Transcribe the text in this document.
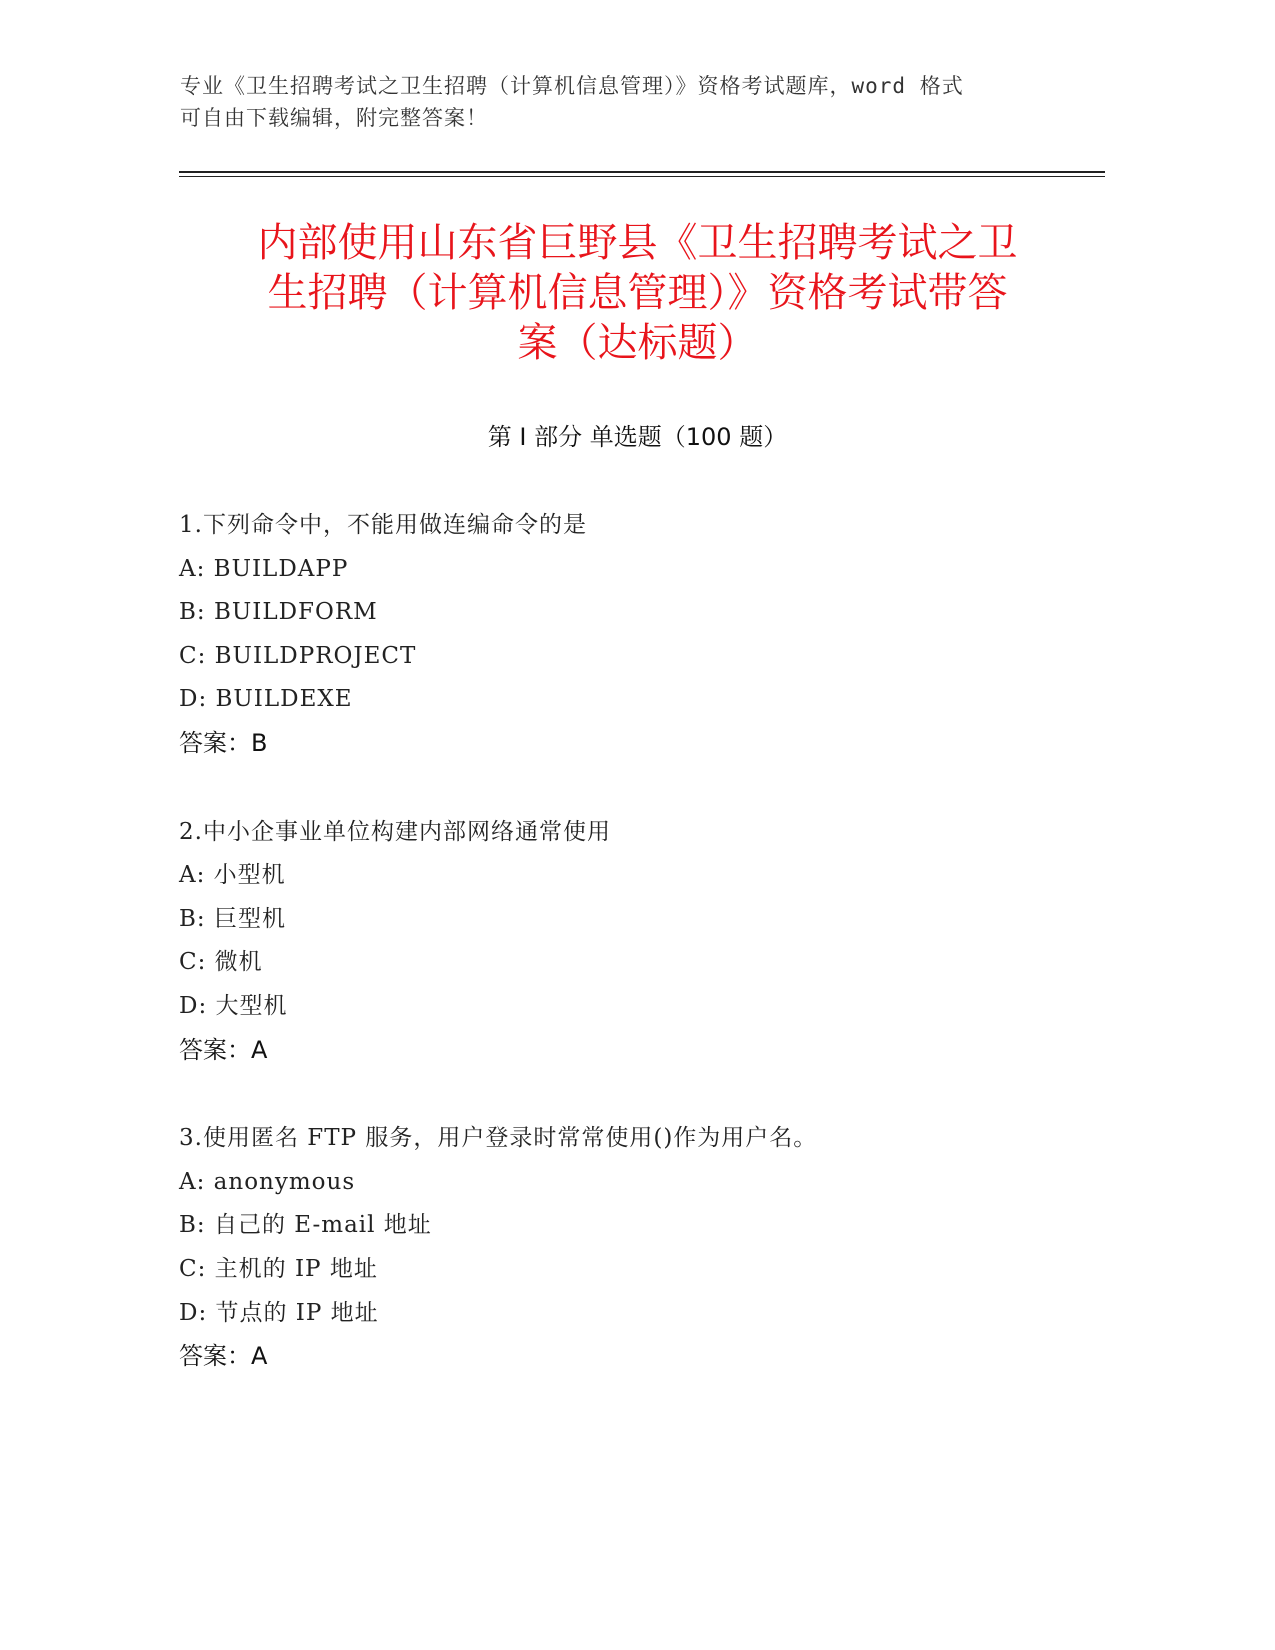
专业《卫生招聘考试之卫生招聘（计算机信息管理）》资格考试题库，word 格式
可自由下载编辑，附完整答案！
内部使用山东省巨野县《卫生招聘考试之卫
生招聘（计算机信息管理）》资格考试带答
案（达标题）
第 I 部分 单选题（100 题）
1.下列命令中，不能用做连编命令的是
A: BUILDAPP
B: BUILDFORM
C: BUILDPROJECT
D: BUILDEXE
答案：B
2.中小企事业单位构建内部网络通常使用
A: 小型机
B: 巨型机
C: 微机
D: 大型机
答案：A
3.使用匿名 FTP 服务，用户登录时常常使用()作为用户名。
A: anonymous
B: 自己的 E-mail 地址
C: 主机的 IP 地址
D: 节点的 IP 地址
答案：A
